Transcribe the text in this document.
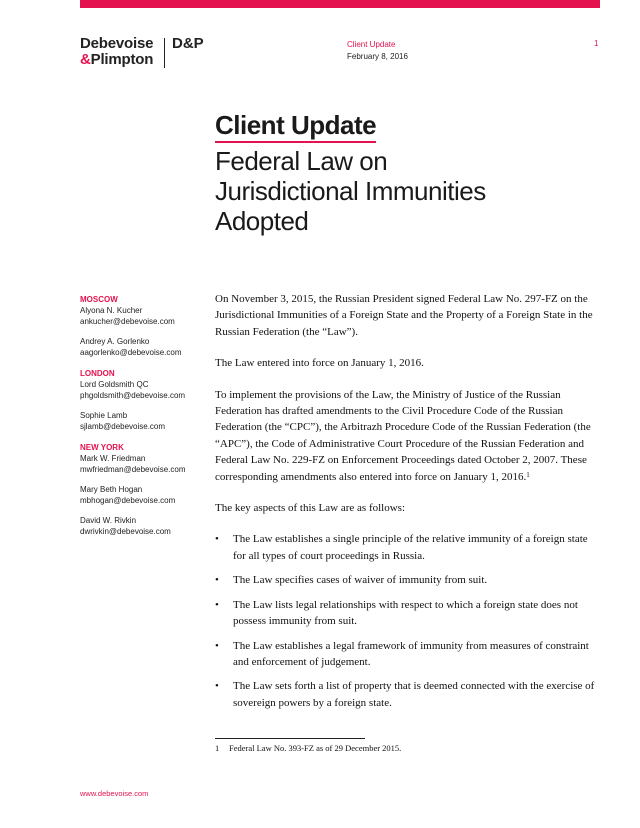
Debevoise
&Plimpton
D&P	Client Update
February 8, 2016
1
Client Update
Federal Law on
Jurisdictional Immunities
Adopted
MOSCOW
Alyona N. Kucher
ankucher@debevoise.com
Andrey A. Gorlenko
aagorlenko@debevoise.com
LONDON
Lord Goldsmith QC
phgoldsmith@debevoise.com
Sophie Lamb
sjlamb@debevoise.com
NEW YORK
Mark W. Friedman
mwfriedman@debevoise.com
Mary Beth Hogan
mbhogan@debevoise.com
David W. Rivkin
dwrivkin@debevoise.com

On November 3, 2015, the Russian President signed Federal Law No. 297-FZ on the Jurisdictional Immunities of a Foreign State and the Property of a Foreign State in the Russian Federation (the “Law”).

The Law entered into force on January 1, 2016.

To implement the provisions of the Law, the Ministry of Justice of the Russian Federation has drafted amendments to the Civil Procedure Code of the Russian Federation (the “CPC”), the Arbitrazh Procedure Code of the Russian Federation (the “APC”), the Code of Administrative Court Procedure of the Russian Federation and Federal Law No. 229-FZ on Enforcement Proceedings dated October 2, 2007. These corresponding amendments also entered into force on January 1, 2016.$^1$

The key aspects of this Law are as follows:

• The Law establishes a single principle of the relative immunity of a foreign state for all types of court proceedings in Russia.
• The Law specifies cases of waiver of immunity from suit.
• The Law lists legal relationships with respect to which a foreign state does not possess immunity from suit.
• The Law establishes a legal framework of immunity from measures of constraint and enforcement of judgement.
• The Law sets forth a list of property that is deemed connected with the exercise of sovereign powers by a foreign state.
1 Federal Law No. 393-FZ as of 29 December 2015.
www.debevoise.com
